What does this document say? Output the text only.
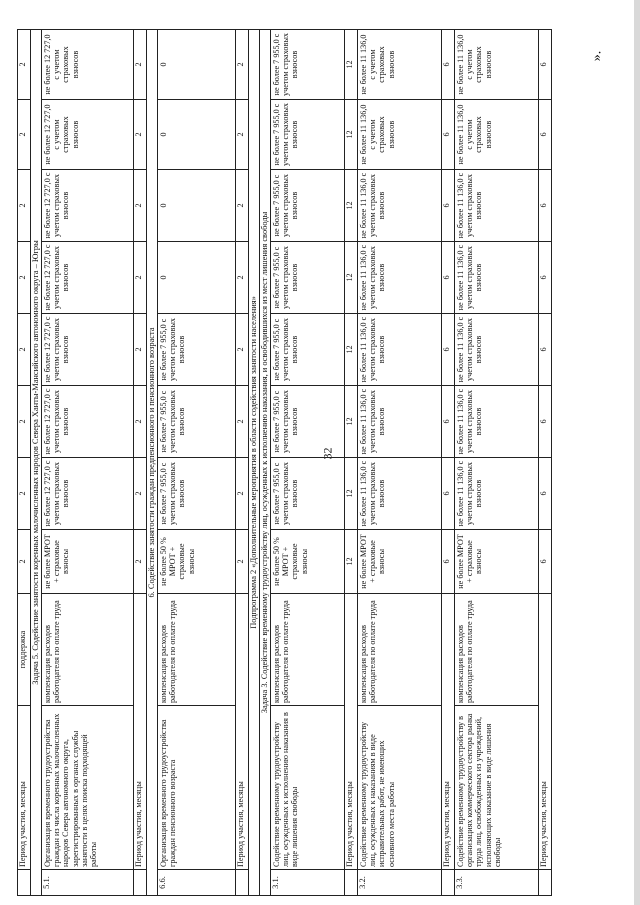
32
».
	Период участия, месяцы	поддержка	2	2	2	2	2	2	2	2
Задача 5. Содействие занятости коренных малочисленных народов Севера Ханты-Мансийского автономного округа – Югры										
5.1.	Организация временного трудоустройства граждан из числа коренных малочисленных народов Севера автономного округа, зарегистрированных в органах службы занятости в целях поиска подходящей работы	компенсация расходов работодателя по оплате труда	не более МРОТ + страховые взносы	не более 12 727,0 с учетом страховых взносов	не более 12 727,0 с учетом страховых взносов	не более 12 727,0 с учетом страховых взносов	не более 12 727,0 с учетом страховых взносов	не более 12 727,0 с учетом страховых взносов	не более 12 727,0 с учетом страховых взносов	не более 12 727,0 с учетом страховых взносов
	Период участия, месяцы		2	2	2	2	2	2	2	2
6. Содействие занятости граждан предпенсионного и пенсионного возраста										
6.6.	Организация временного трудоустройства граждан пенсионного возраста	компенсация расходов работодателя по оплате труда	не более 50 % МРОТ + страховые взносы	не более 7 955,0 с учетом страховых взносов	не более 7 955,0 с учетом страховых взносов	не более 7 955,0 с учетом страховых взносов	0	0	0	0
	Период участия, месяцы		2	2	2	2	2	2	2	2
Подпрограмма 2 «Дополнительные мероприятия в области содействия занятости населения»										
Задача 3. Содействие временному трудоустройству лиц, осужденных к исполнению наказания, и освободившихся из мест лишения свободы										
3.1.	Содействие временному трудоустройству лиц, осужденных к исполнению наказания в виде лишения свободы	компенсация расходов работодателя по оплате труда	не более 50 % МРОТ + страховые взносы	не более 7 955,0 с учетом страховых взносов	не более 7 955,0 с учетом страховых взносов	не более 7 955,0 с учетом страховых взносов	не более 7 955,0 с учетом страховых взносов	не более 7 955,0 с учетом страховых взносов	не более 7 955,0 с учетом страховых взносов	не более 7 955,0 с учетом страховых взносов
	Период участия, месяцы		12	12	12	12	12	12	12	12
3.2.	Содействие временному трудоустройству лиц, осужденных к наказаниям в виде исправительных работ, не имеющих основного места работы	компенсация расходов работодателя по оплате труда	не более МРОТ + страховые взносы	не более 11 136,0 с учетом страховых взносов	не более 11 136,0 с учетом страховых взносов	не более 11 136,0 с учетом страховых взносов	не более 11 136,0 с учетом страховых взносов	не более 11 136,0 с учетом страховых взносов	не более 11 136,0 с учетом страховых взносов	не более 11 136,0 с учетом страховых взносов
	Период участия, месяцы		6	6	6	6	6	6	6	6
3.3.	Содействие временному трудоустройству в организациях коммерческого сектора рынка труда лиц, освобожденных из учреждений, исполняющих наказание в виде лишения свободы	компенсация расходов работодателя по оплате труда	не более МРОТ + страховые взносы	не более 11 136,0 с учетом страховых взносов	не более 11 136,0 с учетом страховых взносов	не более 11 136,0 с учетом страховых взносов	не более 11 136,0 с учетом страховых взносов	не более 11 136,0 с учетом страховых взносов	не более 11 136,0 с учетом страховых взносов	не более 11 136,0 с учетом страховых взносов
	Период участия, месяцы		6	6	6	6	6	6	6	6
